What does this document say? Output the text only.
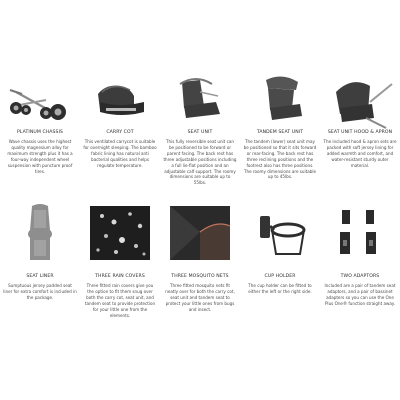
PLATINUM CHASSIS
Wave chassis uses the highest quality magnesium alloy for maximum strength plus it has a four-way independent wheel suspension with puncture proof tires.
CARRY COT
This ventilated carrycot is suitable for overnight sleeping. The bamboo fabric lining has natural anti bacterial qualities and helps regulate temperature.
SEAT UNIT
This fully reversible seat unit can be positioned to be forward or parent facing. The back rest has three adjustable positions including a full lie-flat position and an adjustable calf support. The roomy dimensions are suitable up to 55lbs.
TANDEM SEAT UNIT
The tandem (lower) seat unit may be positioned so that it sits forward or rear-facing. The back rest has three reclining positions and the footrest also has three positions. The roomy dimensions are suitable up to 45lbs.
SEAT UNIT HOOD & APRON
The included hood & apron sets are packed with soft jersey lining for added warmth and comfort, and water-resistant sturdy outer material.
SEAT LINER
Sumptuous jersey padded seat liner for extra comfort is included in the package.
THREE RAIN COVERS
Three fitted rain covers give you the option to fit them snug over both the carry cot, seat unit, and tandem seat to provide protection for your little one from the elements.
THREE MOSQUITO NETS
Three fitted mosquito nets fit neatly over for both the carry cot, seat unit and tandem seat to protect your little ones from bugs and insect.
CUP HOLDER
The cup holder can be fitted to either the left or the right side.
TWO ADAPTORS
Included are a pair of tandem seat adaptors, and a pair of bassinet adapters so you can use the One Plus One® function straight away.
